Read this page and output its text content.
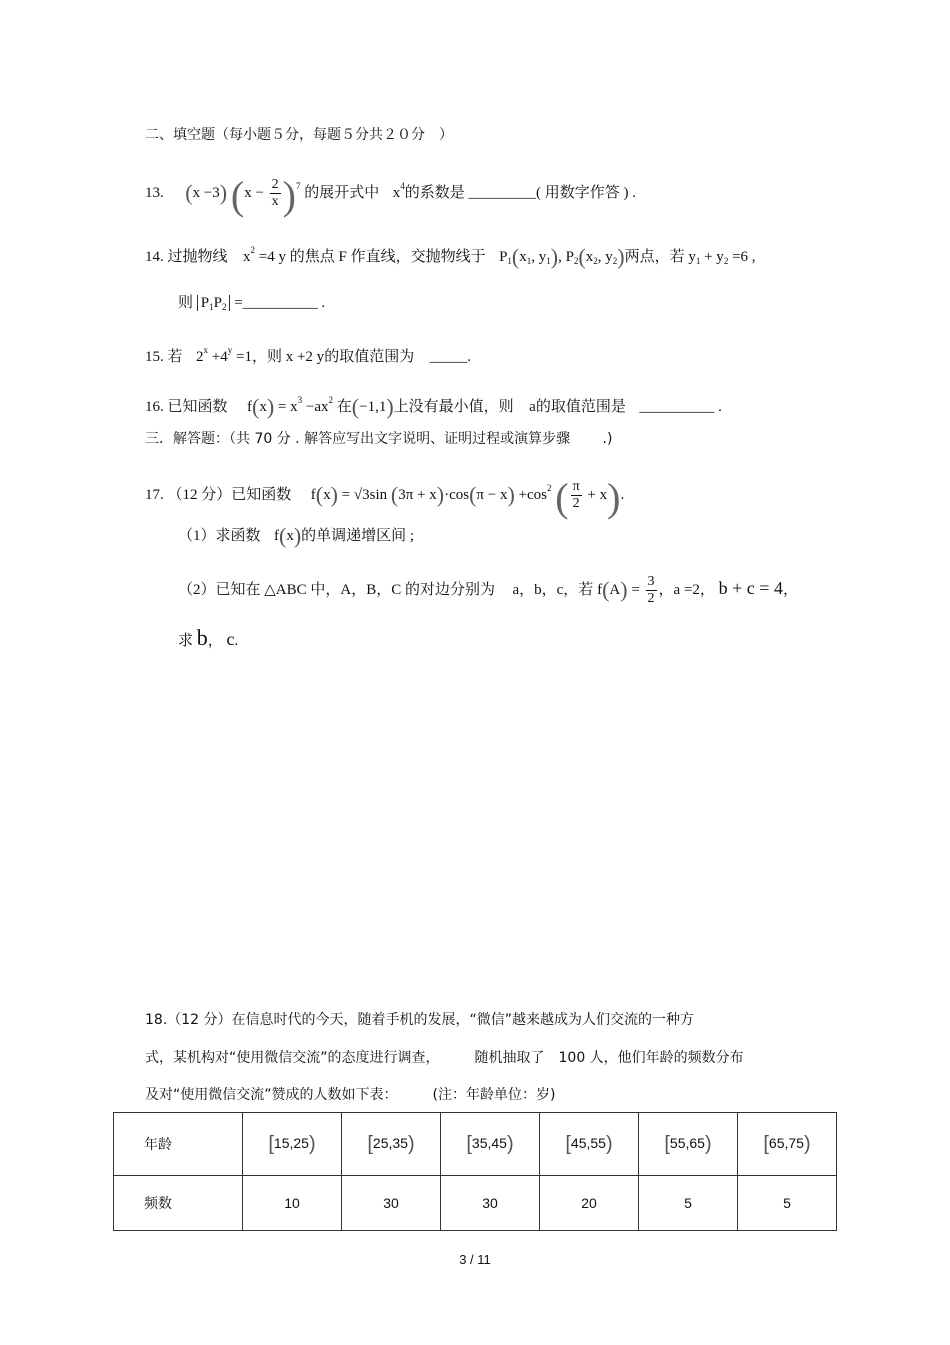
二、填空题（每小题５分，每题５分共２０分　）
13. (x −3) $(x - \frac{2}{x} )^7$ 的展开式中 $x^4$的系数是 _________( 用数字作答 ) .
14. 过抛物线 $x^2 =4$ y 的焦点 F 作直线，交抛物线于 $P_1(x_1$, $y_1$), $P_2(x_2$, $y_2$)两点，若 $y_1 + y_2 =6$ ,
则 $P_1P_2$ =__________ .
15. 若 $2^x +4^y =1$，则 x +2 y的取值范围为 _____.
16. 已知函数 $f(x) = x^3 -ax^2$ 在(−1,1)上没有最小值，则 a的取值范围是 __________ .
三．解答题：（共 70 分 . 解答应写出文字说明、证明过程或演算步骤　　 .)
17. （12 分）已知函数 f(x) = √3sin $(3\pi + x)\cdot\cos(\pi - x) +\cos^2$ ( $\frac{\pi}{2} + x$).
（1）求函数 f(x)的单调递增区间 ;
（2）已知在 △ABC 中，A，B，C 的对边分别为 a，b，c，若 $f(A) = \frac{3}{2}$ ，a =2， b + c = 4，
求 b， c.
18.（12 分）在信息时代的今天，随着手机的发展，“微信”越来越成为人们交流的一种方
式，某机构对“使用微信交流”的态度进行调查，　　　随机抽取了　100 人，他们年龄的频数分布
及对“使用微信交流”赞成的人数如下表：　　　(注：年龄单位：岁)
年龄	[15,25)	[25,35)	[35,45)	[45,55)	[55,65)	[65,75)
频数	10	30	30	20	5	5
3 / 11
